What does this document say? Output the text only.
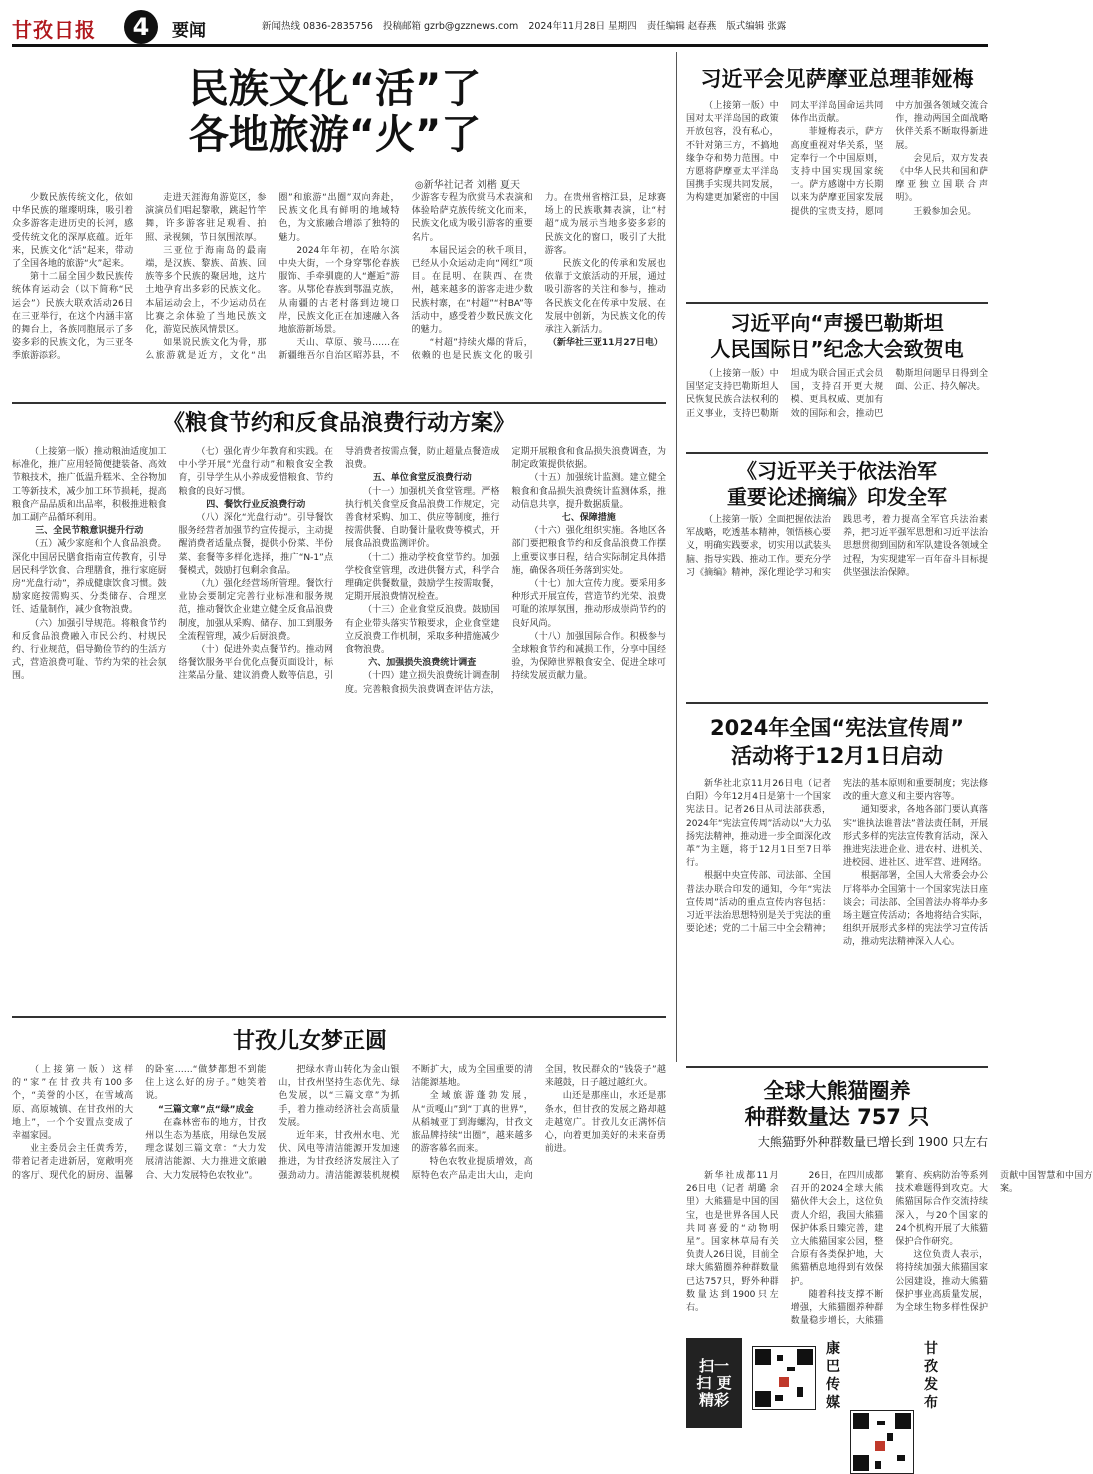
甘孜日报	4	要闻	新闻热线 0836-2835756 投稿邮箱 gzrb@gzznews.com 2024年11月28日 星期四 责任编辑 赵春燕 版式编辑 张露
民族文化“活”了
各地旅游“火”了
◎新华社记者 刘楷 夏天

少数民族传统文化，依如中华民族的璀璨明珠，吸引着众多游客走进历史的长河，感受传统文化的深厚底蕴。近年来，民族文化“活”起来，带动了全国各地的旅游“火”起来。

第十二届全国少数民族传统体育运动会（以下简称“民运会”）民族大联欢活动26日在三亚举行，在这个内涵丰富的舞台上，各族同胞展示了多姿多彩的民族文化，为三亚冬季旅游添彩。

走进天涯海角游览区，参演演员们唱起黎歌，跳起竹竿舞，许多游客驻足观看、拍照、录视频，节日氛围浓厚。

三亚位于海南岛的最南端，是汉族、黎族、苗族、回族等多个民族的聚居地，这片土地孕育出多彩的民族文化。本届运动会上，不少运动员在比赛之余体验了当地民族文化，游览民族风情景区。

如果说民族文化为骨，那么旅游就是近方，文化“出圈”和旅游“出圈”双向奔赴，民族文化具有鲜明的地域特色，为文旅融合增添了独特的魅力。

2024年年初，在哈尔滨中央大街，一个身穿鄂伦春族服饰、手牵驯鹿的人“邂逅”游客。从鄂伦春族到鄂温克族，从南疆的古老村落到边境口岸，民族文化正在加速融入各地旅游新场景。

天山、草原、骏马……在新疆维吾尔自治区昭苏县，不少游客专程为欣赏马术表演和体验哈萨克族传统文化而来，民族文化成为吸引游客的重要名片。

本届民运会的秋千项目，已经从小众运动走向“网红”项目。在昆明、在陕西、在贵州，越来越多的游客走进少数民族村寨，在“村超”“村BA”等活动中，感受着少数民族文化的魅力。

“村超”持续火爆的背后，依赖的也是民族文化的吸引力。在贵州省榕江县，足球赛场上的民族歌舞表演，让“村超”成为展示当地多姿多彩的民族文化的窗口，吸引了大批游客。

民族文化的传承和发展也依靠于文旅活动的开展，通过吸引游客的关注和参与，推动各民族文化在传承中发展、在发展中创新，为民族文化的传承注入新活力。

（新华社三亚11月27日电）

习近平会见萨摩亚总理菲娅梅

（上接第一版）中国对太平洋岛国的政策开放包容，没有私心，不针对第三方，不搞地缘争夺和势力范围。中方愿将萨摩亚太平洋岛国携手实现共同发展，为构建更加紧密的中国同太平洋岛国命运共同体作出贡献。

菲娅梅表示，萨方高度重视对华关系，坚定奉行一个中国原则，支持中国实现国家统一。萨方感谢中方长期以来为萨摩亚国家发展提供的宝贵支持，愿同中方加强各领域交流合作，推动两国全面战略伙伴关系不断取得新进展。

会见后，双方发表《中华人民共和国和萨摩亚独立国联合声明》。

王毅参加会见。

习近平向“声援巴勒斯坦
人民国际日”纪念大会致贺电

（上接第一版）中国坚定支持巴勒斯坦人民恢复民族合法权利的正义事业，支持巴勒斯坦成为联合国正式会员国，支持召开更大规模、更具权威、更加有效的国际和会，推动巴勒斯坦问题早日得到全面、公正、持久解决。

《习近平关于依法治军
重要论述摘编》印发全军

（上接第一版）全面把握依法治军战略，吃透基本精神，领悟核心要义，明确实践要求，切实用以武装头脑、指导实践、推动工作。要充分学习《摘编》精神，深化理论学习和实践思考，着力提高全军官兵法治素养，把习近平强军思想和习近平法治思想贯彻到国防和军队建设各领域全过程，为实现建军一百年奋斗目标提供坚强法治保障。

《粮食节约和反食品浪费行动方案》

（上接第一版）推动粮油适度加工标准化，推广应用轻简便捷装备、高效节粮技术，推广低温升糕米、全谷物加工等新技术，减少加工环节损耗，提高粮食产品品质和出品率，积极推进粮食加工副产品循环利用。

三、全民节粮意识提升行动

（五）减少家庭和个人食品浪费。深化中国居民膳食指南宣传教育，引导居民科学饮食、合理膳食，推行家庭厨房“光盘行动”，养成健康饮食习惯。鼓励家庭按需购买、分类储存、合理烹饪、适量制作，减少食物浪费。

（六）加强引导规范。将粮食节约和反食品浪费融入市民公约、村规民约、行业规范，倡导勤俭节约的生活方式，营造浪费可耻、节约为荣的社会氛围。

（七）强化青少年教育和实践。在中小学开展“光盘行动”和粮食安全教育，引导学生从小养成爱惜粮食、节约粮食的良好习惯。

四、餐饮行业反浪费行动

（八）深化“光盘行动”。引导餐饮服务经营者加强节约宣传提示，主动提醒消费者适量点餐，提供小份菜、半份菜、套餐等多样化选择，推广“N-1”点餐模式，鼓励打包剩余食品。

（九）强化经营场所管理。餐饮行业协会要制定完善行业标准和服务规范，推动餐饮企业建立健全反食品浪费制度，加强从采购、储存、加工到服务全流程管理，减少后厨浪费。

（十）促进外卖点餐节约。推动网络餐饮服务平台优化点餐页面设计，标注菜品分量、建议消费人数等信息，引导消费者按需点餐，防止超量点餐造成浪费。

五、单位食堂反浪费行动

（十一）加强机关食堂管理。严格执行机关食堂反食品浪费工作规定，完善食材采购、加工、供应等制度，推行按需供餐、自助餐计量收费等模式，开展食品浪费监测评价。

（十二）推动学校食堂节约。加强学校食堂管理，改进供餐方式，科学合理确定供餐数量，鼓励学生按需取餐，定期开展浪费情况检查。

（十三）企业食堂反浪费。鼓励国有企业带头落实节粮要求，企业食堂建立反浪费工作机制，采取多种措施减少食物浪费。

六、加强损失浪费统计调查

（十四）建立损失浪费统计调查制度。完善粮食损失浪费调查评估方法，定期开展粮食和食品损失浪费调查，为制定政策提供依据。

（十五）加强统计监测。建立健全粮食和食品损失浪费统计监测体系，推动信息共享，提升数据质量。

七、保障措施

（十六）强化组织实施。各地区各部门要把粮食节约和反食品浪费工作摆上重要议事日程，结合实际制定具体措施，确保各项任务落到实处。

（十七）加大宣传力度。要采用多种形式开展宣传，营造节约光荣、浪费可耻的浓厚氛围，推动形成崇尚节约的良好风尚。

（十八）加强国际合作。积极参与全球粮食节约和减损工作，分享中国经验，为保障世界粮食安全、促进全球可持续发展贡献力量。

2024年全国“宪法宣传周”
活动将于12月1日启动

新华社北京11月26日电（记者 白阳）今年12月4日是第十一个国家宪法日。记者26日从司法部获悉，2024年“宪法宣传周”活动以“大力弘扬宪法精神，推动进一步全面深化改革”为主题，将于12月1日至7日举行。

根据中央宣传部、司法部、全国普法办联合印发的通知，今年“宪法宣传周”活动的重点宣传内容包括：习近平法治思想特别是关于宪法的重要论述；党的二十届三中全会精神；宪法的基本原则和重要制度；宪法修改的重大意义和主要内容等。

通知要求，各地各部门要认真落实“谁执法谁普法”普法责任制，开展形式多样的宪法宣传教育活动，深入推进宪法进企业、进农村、进机关、进校园、进社区、进军营、进网络。

根据部署，全国人大常委会办公厅将举办全国第十一个国家宪法日座谈会；司法部、全国普法办将举办多场主题宣传活动；各地将结合实际，组织开展形式多样的宪法学习宣传活动，推动宪法精神深入人心。

甘孜儿女梦正圆

（上接第一版）这样的“家”在甘孜共有100多个，“美誉的小区，在雪域高原、高原城镇、在甘孜州的大地上”，一个个安置点变成了幸福家园。

业主委员会主任黄秀芳，带着记者走进新居，宽敞明亮的客厅、现代化的厨房、温馨的卧室……“做梦都想不到能住上这么好的房子。”她笑着说。

“三篇文章”点“绿”成金

在森林密布的地方，甘孜州以生态为基底，用绿色发展理念谋划三篇文章：“大力发展清洁能源、大力推进文旅融合、大力发展特色农牧业”。

把绿水青山转化为金山银山，甘孜州坚持生态优先、绿色发展，以“三篇文章”为抓手，着力推动经济社会高质量发展。

近年来，甘孜州水电、光伏、风电等清洁能源开发加速推进，为甘孜经济发展注入了强劲动力。清洁能源装机规模不断扩大，成为全国重要的清洁能源基地。

全域旅游蓬勃发展，从“贡嘎山”到“丁真的世界”，从稻城亚丁到海螺沟，甘孜文旅品牌持续“出圈”，越来越多的游客慕名而来。

特色农牧业提质增效，高原特色农产品走出大山，走向全国，牧民群众的“钱袋子”越来越鼓，日子越过越红火。

山还是那座山，水还是那条水，但甘孜的发展之路却越走越宽广。甘孜儿女正满怀信心，向着更加美好的未来奋勇前进。

全球大熊猫圈养
种群数量达 757 只
大熊猫野外种群数量已增长到 1900 只左右

新华社成都11月26日电（记者 胡璐 余里）大熊猫是中国的国宝，也是世界各国人民共同喜爱的“动物明星”。国家林草局有关负责人26日说，目前全球大熊猫圈养种群数量已达757只，野外种群数量达到1900只左右。

26日，在四川成都召开的2024全球大熊猫伙伴大会上，这位负责人介绍，我国大熊猫保护体系日臻完善，建立大熊猫国家公园，整合原有各类保护地，大熊猫栖息地得到有效保护。

随着科技支撑不断增强，大熊猫圈养种群数量稳步增长，大熊猫繁育、疾病防治等系列技术难题得到攻克。大熊猫国际合作交流持续深入，与20个国家的24个机构开展了大熊猫保护合作研究。

这位负责人表示，将持续加强大熊猫国家公园建设，推动大熊猫保护事业高质量发展，为全球生物多样性保护贡献中国智慧和中国方案。

扫一扫 更精彩
康巴传媒
甘孜发布
